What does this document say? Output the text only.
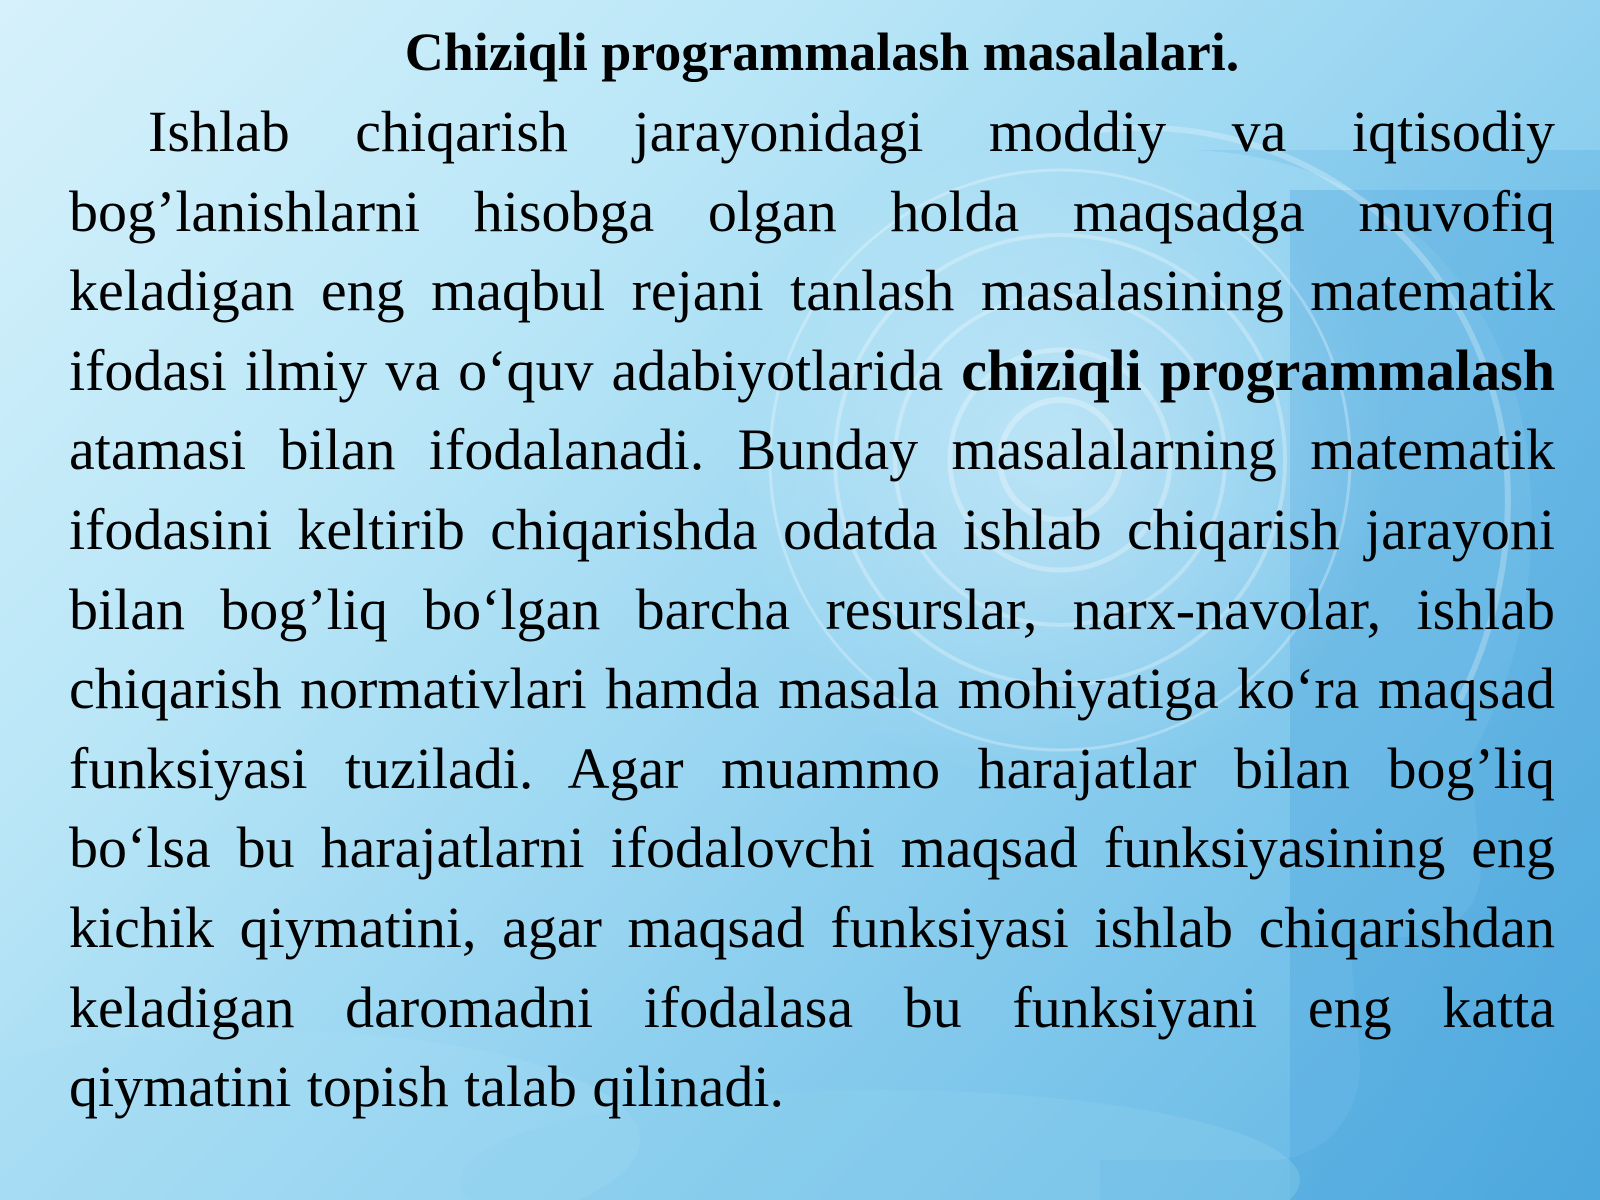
Chiziqli programmalash masalalari.

Ishlab chiqarish jarayonidagi moddiy va iqtisodiy bog’lanishlarni hisobga olgan holda maqsadga muvofiq keladigan eng maqbul rejani tanlash masalasining matematik ifodasi ilmiy va o‘quv adabiyotlarida chiziqli programmalash atamasi bilan ifodalanadi. Bunday masalalarning matematik ifodasini keltirib chiqarishda odatda ishlab chiqarish jarayoni bilan bog’liq bo‘lgan barcha resurslar, narx-navolar, ishlab chiqarish normativlari hamda masala mohiyatiga ko‘ra maqsad funksiyasi tuziladi. Agar muammo harajatlar bilan bog’liq bo‘lsa bu harajatlarni ifodalovchi maqsad funksiyasining eng kichik qiymatini, agar maqsad funksiyasi ishlab chiqarishdan keladigan daromadni ifodalasa bu funksiyani eng katta qiymatini topish talab qilinadi.
